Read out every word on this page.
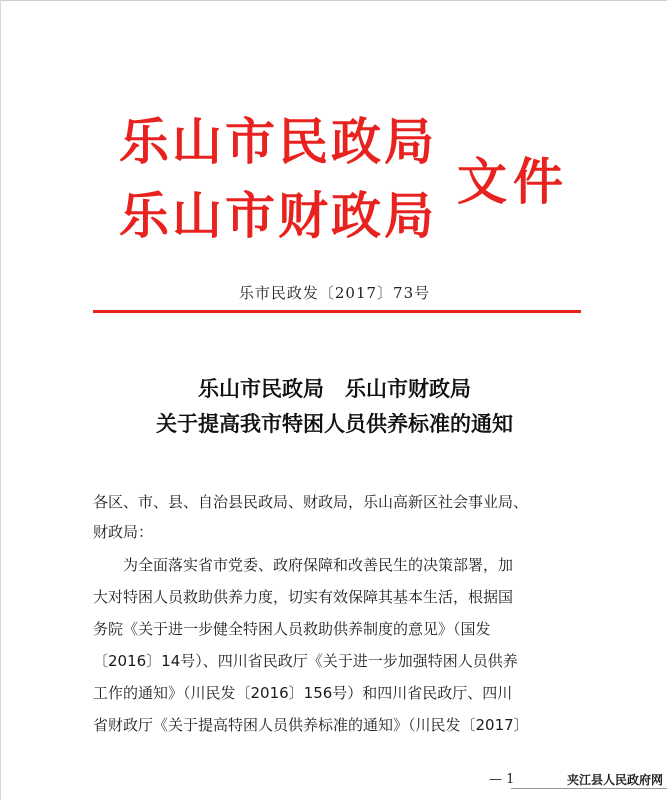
乐山市民政局
乐山市财政局
文件
乐市民政发〔2017〕73号
乐山市民政局　乐山市财政局
关于提高我市特困人员供养标准的通知
各区、市、县、自治县民政局、财政局，乐山高新区社会事业局、
财政局：
为全面落实省市党委、政府保障和改善民生的决策部署，加
大对特困人员救助供养力度，切实有效保障其基本生活，根据国
务院《关于进一步健全特困人员救助供养制度的意见》（国发
〔2016〕14号）、四川省民政厅《关于进一步加强特困人员供养
工作的通知》（川民发〔2016〕156号）和四川省民政厅、四川
省财政厅《关于提高特困人员供养标准的通知》（川民发〔2017〕
— 1	夹江县人民政府网
